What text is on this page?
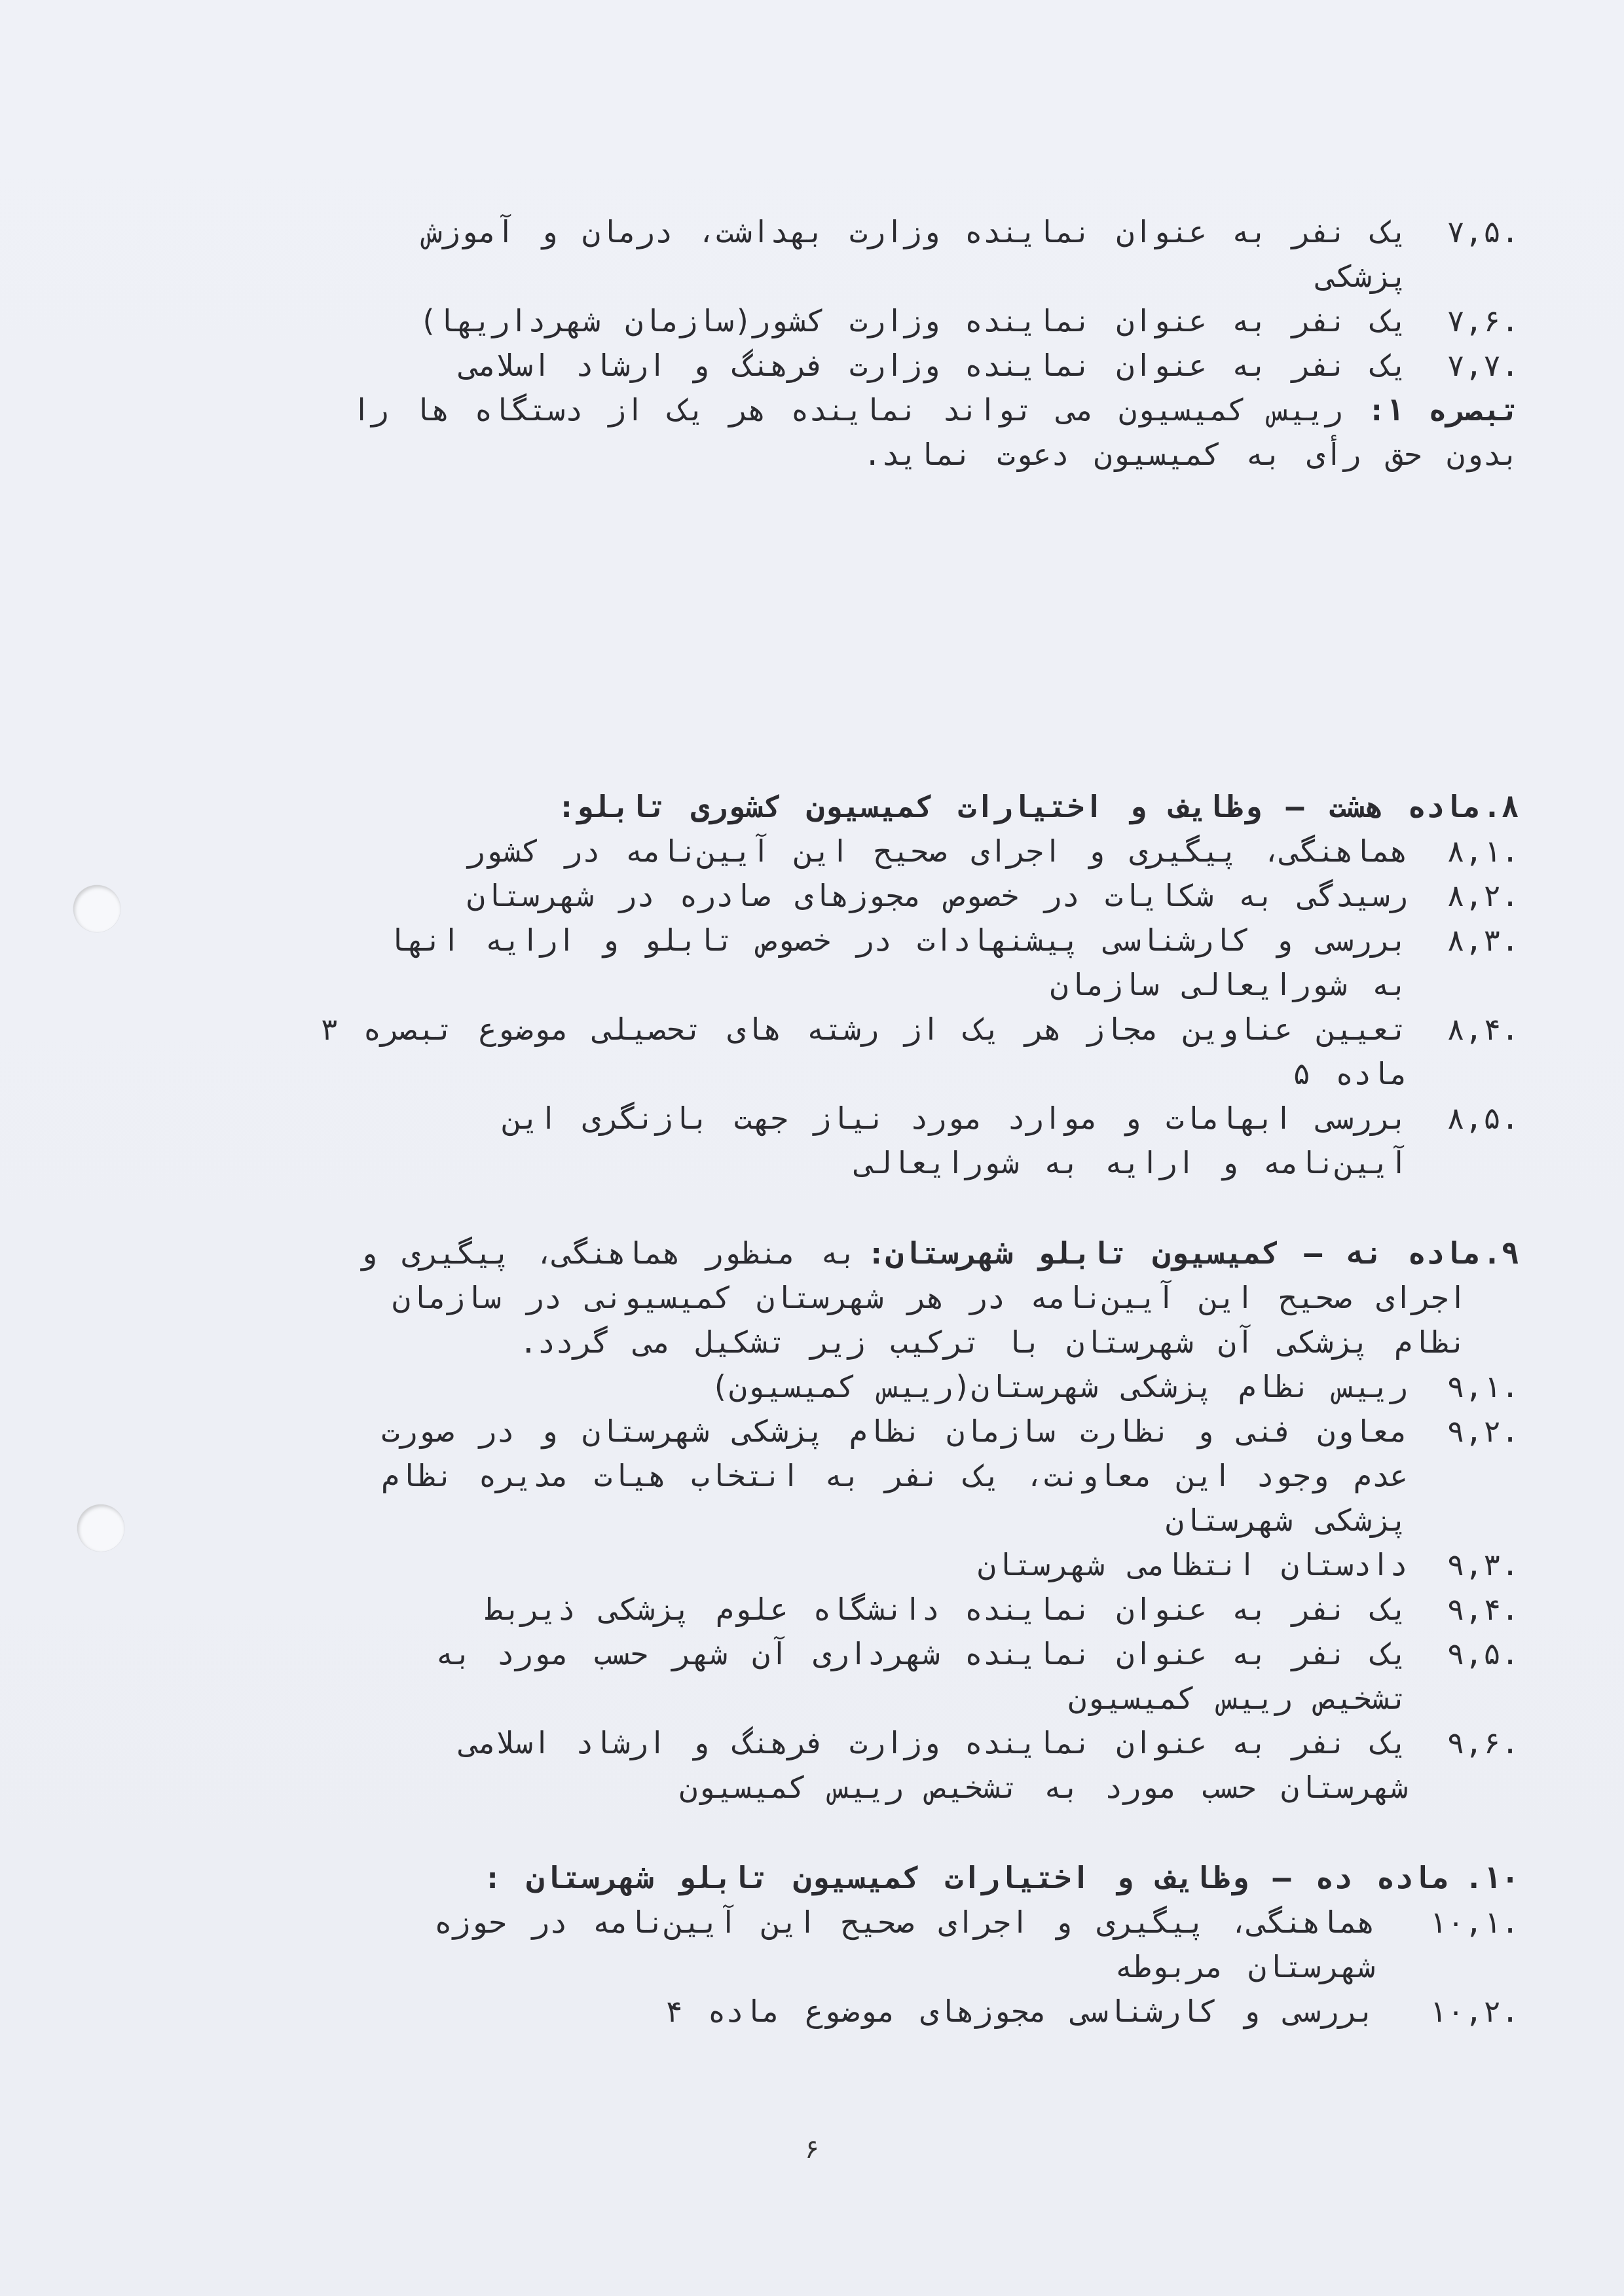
۷,۵.
یک نفر به عنوان نماینده وزارت بهداشت، درمان و آموزش
پزشکی
۷,۶.
یک نفر به عنوان نماینده وزارت کشور(سازمان شهرداریها)
۷,۷.
یک نفر به عنوان نماینده وزارت فرهنگ و ارشاد اسلامی
تبصره ۱: رییس کمیسیون می تواند نماینده هر یک از دستگاه ها را
بدون حق رأی به کمیسیون دعوت نماید.
.۸
ماده هشت – وظایف و اختیارات کمیسیون کشوری تابلو:
۸,۱.
هماهنگی، پیگیری و اجرای صحیح این آیین‌نامه در کشور
۸,۲.
رسیدگی به شکایات در خصوص مجوزهای صادره در شهرستان
۸,۳.
بررسی و کارشناسی پیشنهادات در خصوص تابلو و ارایه انها
به شورایعالی سازمان
۸,۴.
تعیین عناوین مجاز هر یک از رشته های تحصیلی موضوع تبصره ۳
ماده ۵
۸,۵.
بررسی ابهامات و موارد مورد نیاز جهت بازنگری این
آیین‌نامه و ارایه به شورایعالی
.۹
ماده نه – کمیسیون تابلو شهرستان:
به منظور هماهنگی، پیگیری و
اجرای صحیح این آیین‌نامه در هر شهرستان کمیسیونی در سازمان
نظام پزشکی آن شهرستان با ترکیب زیر تشکیل می گردد.
۹,۱.
رییس نظام پزشکی شهرستان(رییس کمیسیون)
۹,۲.
معاون فنی و نظارت سازمان نظام پزشکی شهرستان و در صورت
عدم وجود این معاونت، یک نفر به انتخاب هیات مدیره نظام
پزشکی شهرستان
۹,۳.
دادستان انتظامی شهرستان
۹,۴.
یک نفر به عنوان نماینده دانشگاه علوم پزشکی ذیربط
۹,۵.
یک نفر به عنوان نماینده شهرداری آن شهر حسب مورد به
تشخیص رییس کمیسیون
۹,۶.
یک نفر به عنوان نماینده وزارت فرهنگ و ارشاد اسلامی
شهرستان حسب مورد به تشخیص رییس کمیسیون
.۱۰
ماده ده – وظایف و اختیارات کمیسیون تابلو شهرستان :
۱۰,۱.
هماهنگی، پیگیری و اجرای صحیح این آیین‌نامه در حوزه
شهرستان مربوطه
۱۰,۲.
بررسی و کارشناسی مجوزهای موضوع ماده ۴
۶
